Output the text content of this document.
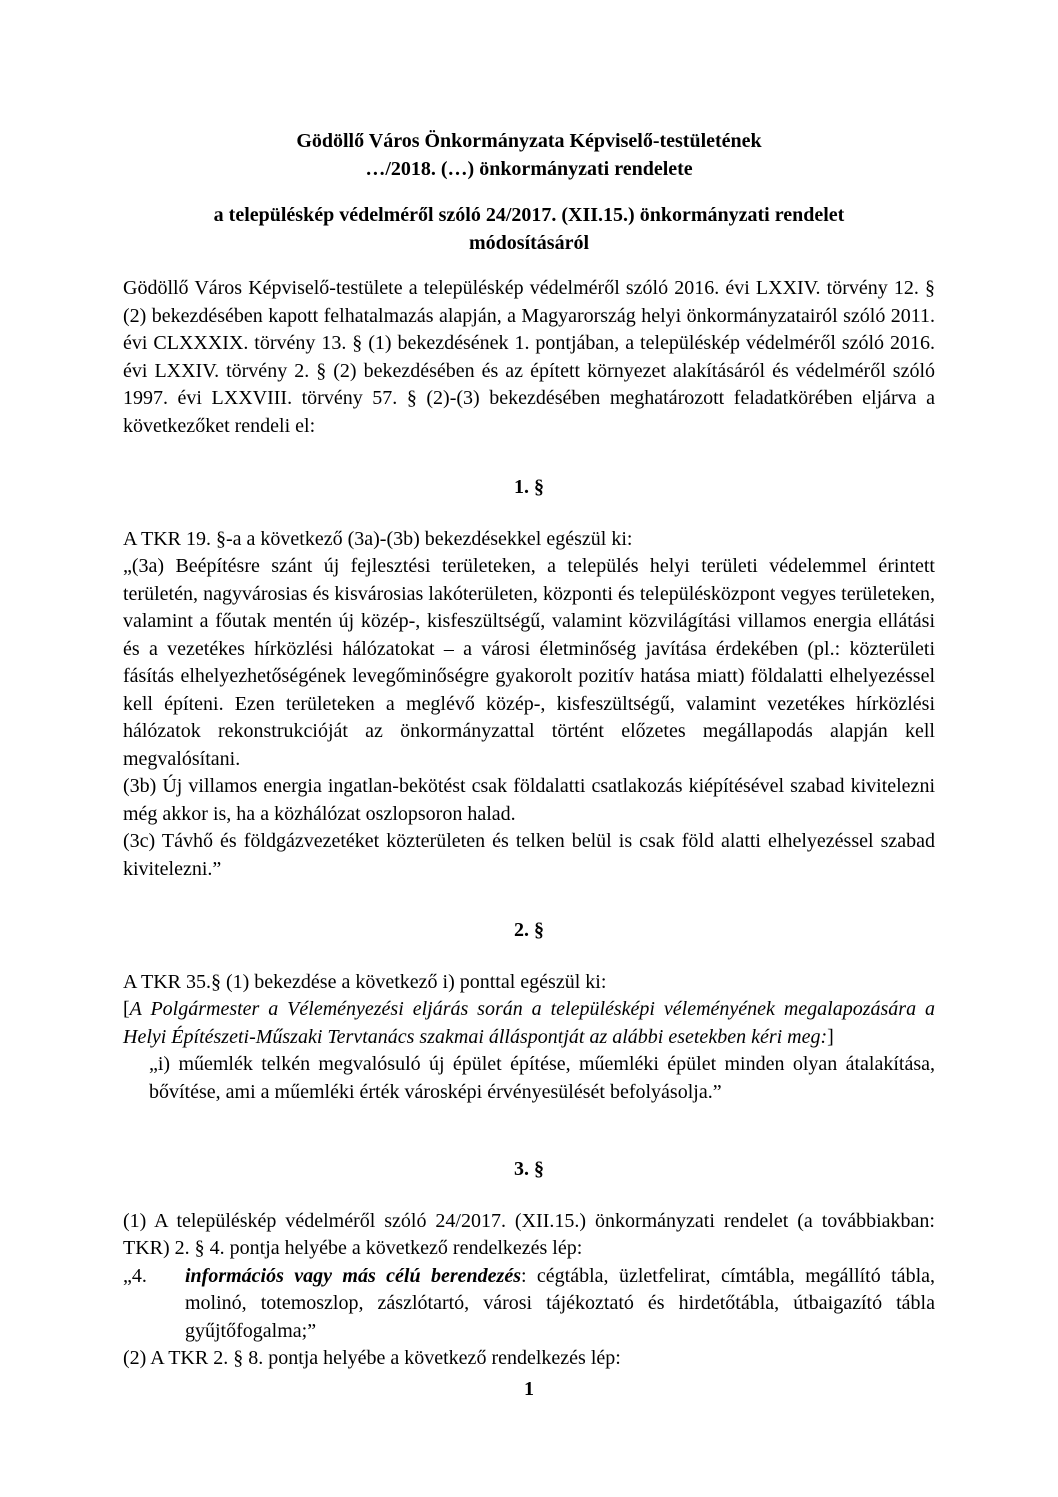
Gödöllő Város Önkormányzata Képviselő-testületének

…/2018. (…) önkormányzati rendelete

a településkép védelméről szóló 24/2017. (XII.15.) önkormányzati rendelet

módosításáról

Gödöllő Város Képviselő-testülete a településkép védelméről szóló 2016. évi LXXIV. törvény 12. § (2) bekezdésében kapott felhatalmazás alapján, a Magyarország helyi önkormányzatairól szóló 2011. évi CLXXXIX. törvény 13. § (1) bekezdésének 1. pontjában, a településkép védelméről szóló 2016. évi LXXIV. törvény 2. § (2) bekezdésében és az épített környezet alakításáról és védelméről szóló 1997. évi LXXVIII. törvény 57. § (2)-(3) bekezdésében meghatározott feladatkörében eljárva a következőket rendeli el:

1. §

A TKR 19. §-a a következő (3a)-(3b) bekezdésekkel egészül ki:

„(3a) Beépítésre szánt új fejlesztési területeken, a település helyi területi védelemmel érintett területén, nagyvárosias és kisvárosias lakóterületen, központi és településközpont vegyes területeken, valamint a főutak mentén új közép-, kisfeszültségű, valamint közvilágítási villamos energia ellátási és a vezetékes hírközlési hálózatokat – a városi életminőség javítása érdekében (pl.: közterületi fásítás elhelyezhetőségének levegőminőségre gyakorolt pozitív hatása miatt) földalatti elhelyezéssel kell építeni. Ezen területeken a meglévő közép-, kisfeszültségű, valamint vezetékes hírközlési hálózatok rekonstrukcióját az önkormányzattal történt előzetes megállapodás alapján kell megvalósítani.

(3b) Új villamos energia ingatlan-bekötést csak földalatti csatlakozás kiépítésével szabad kivitelezni még akkor is, ha a közhálózat oszlopsoron halad.

(3c) Távhő és földgázvezetéket közterületen és telken belül is csak föld alatti elhelyezéssel szabad kivitelezni.”

2. §

A TKR 35.§ (1) bekezdése a következő i) ponttal egészül ki:

[A Polgármester a Véleményezési eljárás során a településképi véleményének megalapozására a Helyi Építészeti-Műszaki Tervtanács szakmai álláspontját az alábbi esetekben kéri meg:]

„i) műemlék telkén megvalósuló új épület építése, műemléki épület minden olyan átalakítása, bővítése, ami a műemléki érték városképi érvényesülését befolyásolja.”

3. §

(1) A településkép védelméről szóló 24/2017. (XII.15.) önkormányzati rendelet (a továbbiakban: TKR) 2. § 4. pontja helyébe a következő rendelkezés lép:

„4. információs vagy más célú berendezés: cégtábla, üzletfelirat, címtábla, megállító tábla, molinó, totemoszlop, zászlótartó, városi tájékoztató és hirdetőtábla, útbaigazító tábla gyűjtőfogalma;”

(2) A TKR 2. § 8. pontja helyébe a következő rendelkezés lép:

1
